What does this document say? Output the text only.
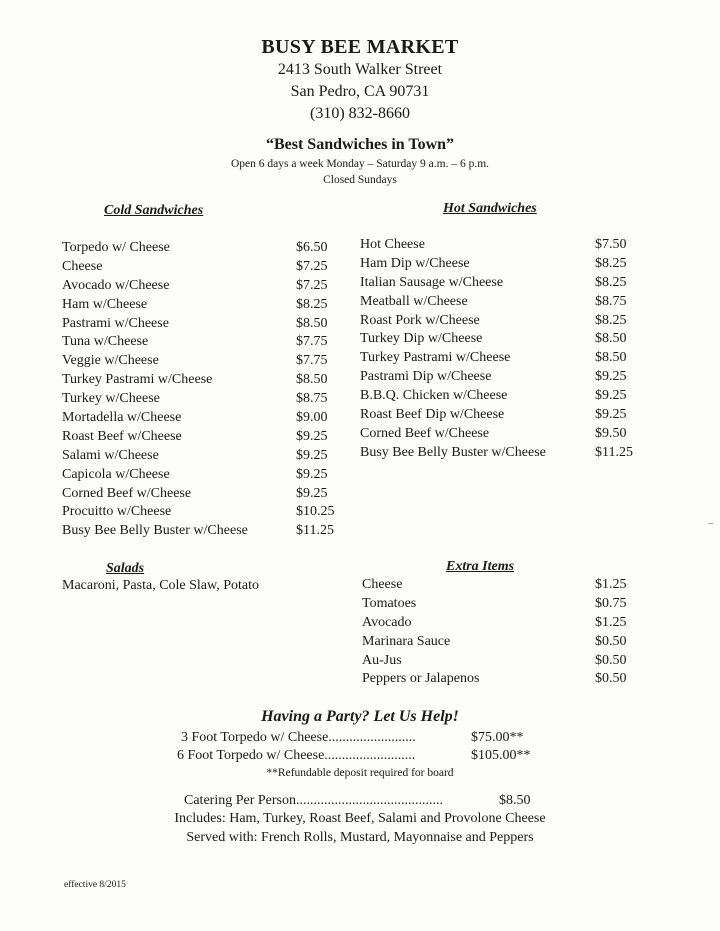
BUSY BEE MARKET
2413 South Walker Street
San Pedro, CA 90731
(310) 832-8660
“Best Sandwiches in Town”
Open 6 days a week Monday – Saturday 9 a.m. – 6 p.m.
Closed Sundays
Cold Sandwiches
Torpedo w/ Cheese	$6.50
Cheese	$7.25
Avocado w/Cheese	$7.25
Ham w/Cheese	$8.25
Pastrami w/Cheese	$8.50
Tuna w/Cheese	$7.75
Veggie w/Cheese	$7.75
Turkey Pastrami w/Cheese	$8.50
Turkey w/Cheese	$8.75
Mortadella w/Cheese	$9.00
Roast Beef w/Cheese	$9.25
Salami w/Cheese	$9.25
Capicola w/Cheese	$9.25
Corned Beef w/Cheese	$9.25
Procuitto w/Cheese	$10.25
Busy Bee Belly Buster w/Cheese	$11.25
Hot Sandwiches
Hot Cheese	$7.50
Ham Dip w/Cheese	$8.25
Italian Sausage w/Cheese	$8.25
Meatball w/Cheese	$8.75
Roast Pork w/Cheese	$8.25
Turkey Dip w/Cheese	$8.50
Turkey Pastrami w/Cheese	$8.50
Pastrami Dip w/Cheese	$9.25
B.B.Q. Chicken w/Cheese	$9.25
Roast Beef Dip w/Cheese	$9.25
Corned Beef w/Cheese	$9.50
Busy Bee Belly Buster w/Cheese	$11.25
Salads
Macaroni, Pasta, Cole Slaw, Potato
Extra Items
Cheese	$1.25
Tomatoes	$0.75
Avocado	$1.25
Marinara Sauce	$0.50
Au-Jus	$0.50
Peppers or Jalapenos	$0.50
Having a Party? Let Us Help!
3 Foot Torpedo w/ Cheese.........................	$75.00**
6 Foot Torpedo w/ Cheese..........................	$105.00**
**Refundable deposit required for board
Catering Per Person..........................................	$8.50
Includes: Ham, Turkey, Roast Beef, Salami and Provolone Cheese
Served with: French Rolls, Mustard, Mayonnaise and Peppers
effective 8/2015
–
